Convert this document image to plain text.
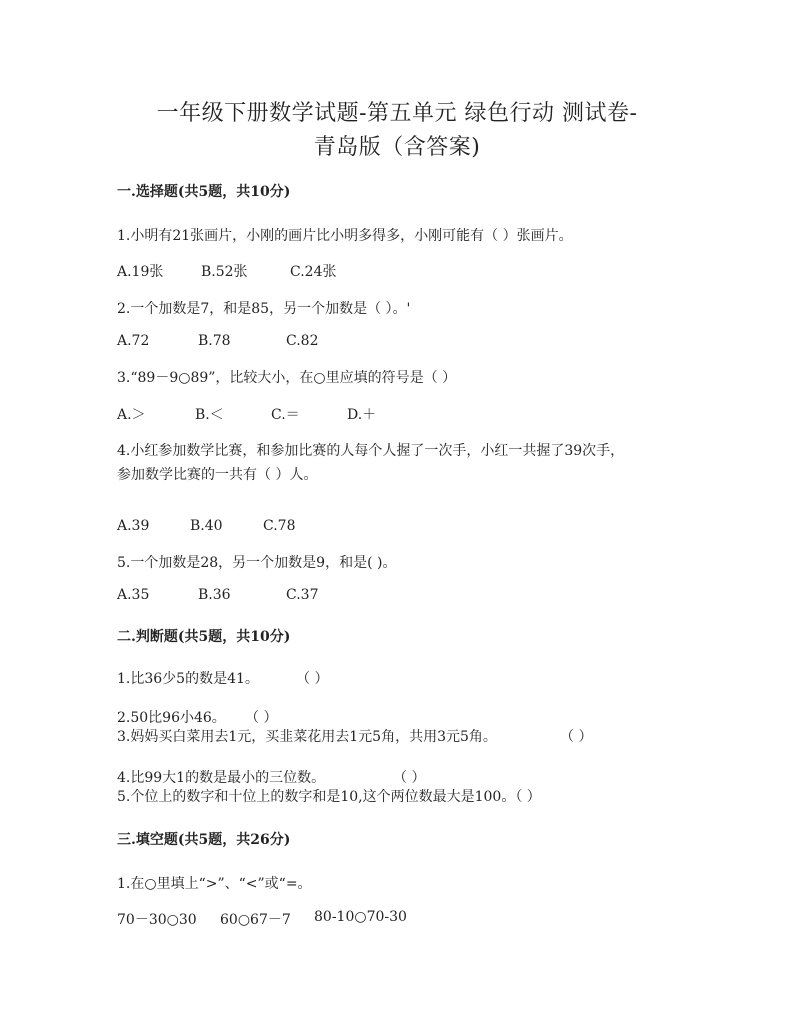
一年级下册数学试题-第五单元 绿色行动 测试卷-
青岛版（含答案)
一.选择题(共5题，共10分)
1.小明有21张画片，小刚的画片比小明多得多，小刚可能有（ ）张画片。
A.19张	B.52张	C.24张
2.一个加数是7，和是85，另一个加数是（ ）。'
A.72	B.78	C.82
3.“89－9○89”，比较大小，在○里应填的符号是（ ）
A.＞	B.＜	C.＝	D.＋
4.小红参加数学比赛，和参加比赛的人每个人握了一次手，小红一共握了39次手，
参加数学比赛的一共有（ ）人。
A.39	B.40	C.78
5.一个加数是28，另一个加数是9，和是( )。
A.35	B.36	C.37
二.判断题(共5题，共10分)
1.比36少5的数是41。	（ ）
2.50比96小46。 （ ）
3.妈妈买白菜用去1元，买韭菜花用去1元5角，共用3元5角。	（ ）
4.比99大1的数是最小的三位数。	（ ）
5.个位上的数字和十位上的数字和是10,这个两位数最大是100。（ ）
三.填空题(共5题，共26分)
1.在○里填上“>”、“<”或“=。
70－30○30 60○67－7 80-10○70-30
